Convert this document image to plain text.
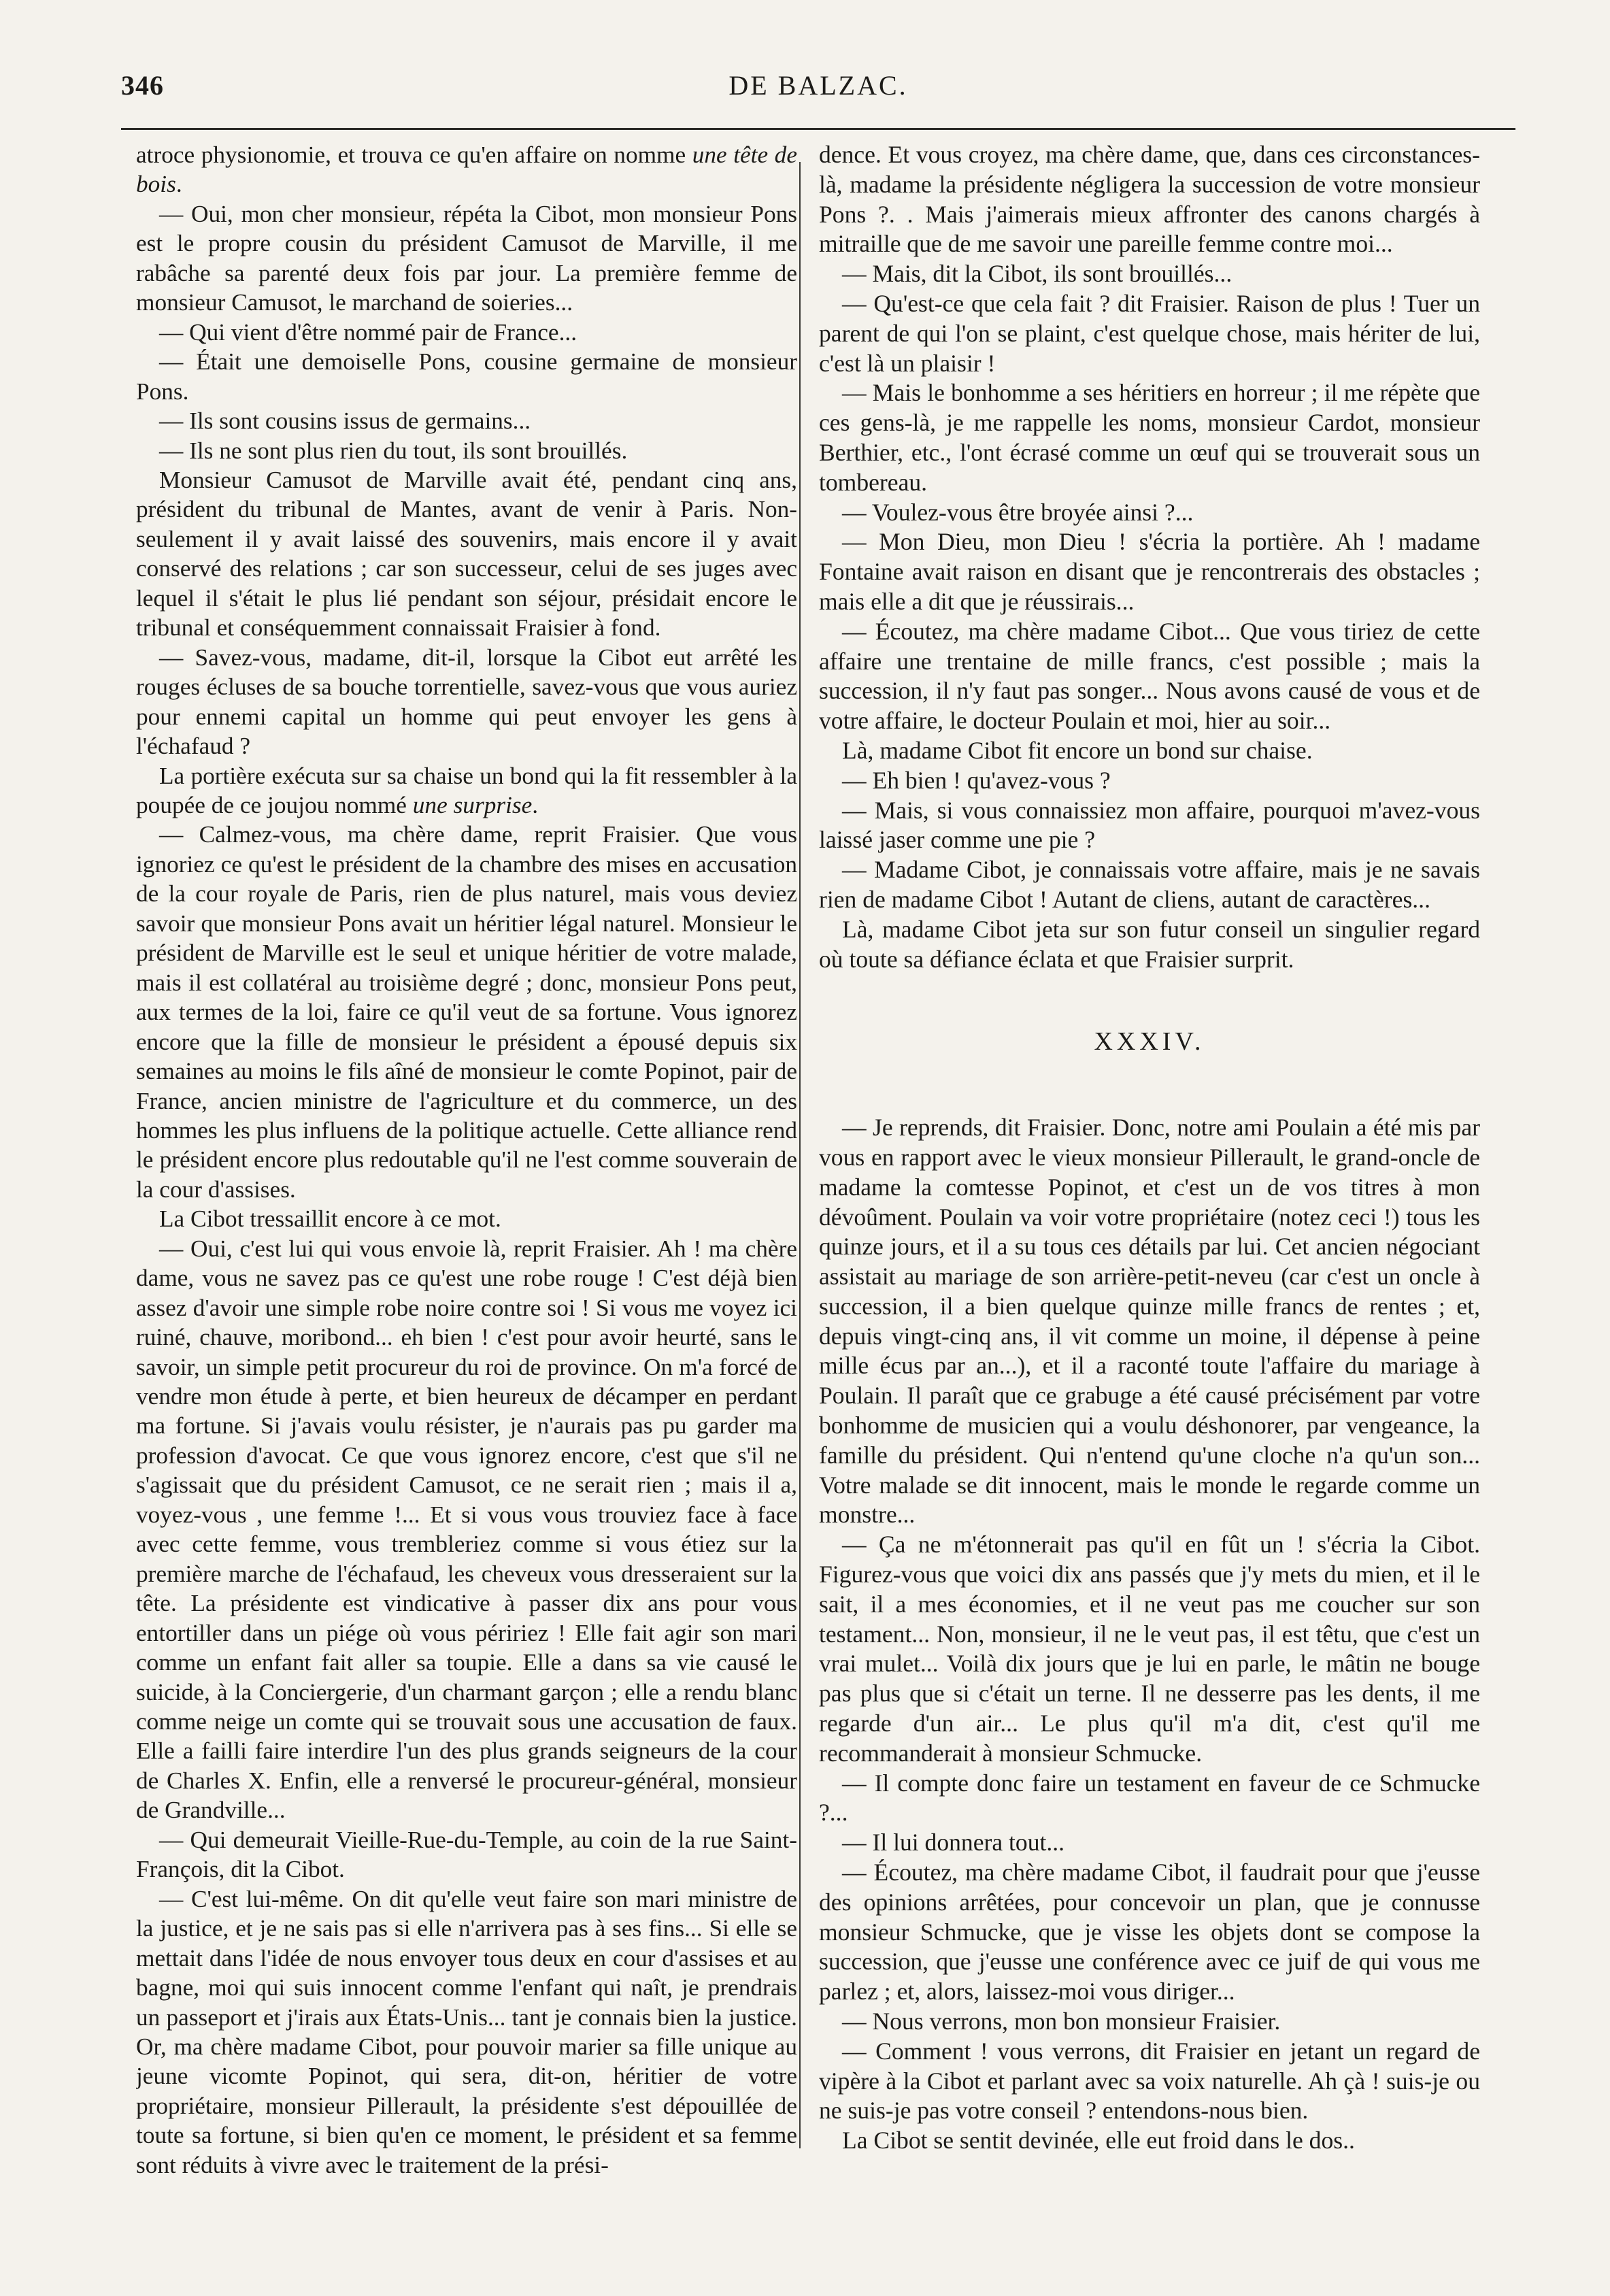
346	DE BALZAC.

atroce physionomie, et trouva ce qu'en affaire on nomme une tête de bois.

— Oui, mon cher monsieur, répéta la Cibot, mon monsieur Pons est le propre cousin du président Camusot de Marville, il me rabâche sa parenté deux fois par jour. La première femme de monsieur Camusot, le marchand de soieries...

— Qui vient d'être nommé pair de France...

— Était une demoiselle Pons, cousine germaine de monsieur Pons.

— Ils sont cousins issus de germains...

— Ils ne sont plus rien du tout, ils sont brouillés.

Monsieur Camusot de Marville avait été, pendant cinq ans, président du tribunal de Mantes, avant de venir à Paris. Non-seulement il y avait laissé des souvenirs, mais encore il y avait conservé des relations ; car son successeur, celui de ses juges avec lequel il s'était le plus lié pendant son séjour, présidait encore le tribunal et conséquemment connaissait Fraisier à fond.

— Savez-vous, madame, dit-il, lorsque la Cibot eut arrêté les rouges écluses de sa bouche torrentielle, savez-vous que vous auriez pour ennemi capital un homme qui peut envoyer les gens à l'échafaud ?

La portière exécuta sur sa chaise un bond qui la fit ressembler à la poupée de ce joujou nommé une surprise.

— Calmez-vous, ma chère dame, reprit Fraisier. Que vous ignoriez ce qu'est le président de la chambre des mises en accusation de la cour royale de Paris, rien de plus naturel, mais vous deviez savoir que monsieur Pons avait un héritier légal naturel. Monsieur le président de Marville est le seul et unique héritier de votre malade, mais il est collatéral au troisième degré ; donc, monsieur Pons peut, aux termes de la loi, faire ce qu'il veut de sa fortune. Vous ignorez encore que la fille de monsieur le président a épousé depuis six semaines au moins le fils aîné de monsieur le comte Popinot, pair de France, ancien ministre de l'agriculture et du commerce, un des hommes les plus influens de la politique actuelle. Cette alliance rend le président encore plus redoutable qu'il ne l'est comme souverain de la cour d'assises.

La Cibot tressaillit encore à ce mot.

— Oui, c'est lui qui vous envoie là, reprit Fraisier. Ah ! ma chère dame, vous ne savez pas ce qu'est une robe rouge ! C'est déjà bien assez d'avoir une simple robe noire contre soi ! Si vous me voyez ici ruiné, chauve, moribond... eh bien ! c'est pour avoir heurté, sans le savoir, un simple petit procureur du roi de province. On m'a forcé de vendre mon étude à perte, et bien heureux de décamper en perdant ma fortune. Si j'avais voulu résister, je n'aurais pas pu garder ma profession d'avocat. Ce que vous ignorez encore, c'est que s'il ne s'agissait que du président Camusot, ce ne serait rien ; mais il a, voyez-vous , une femme !... Et si vous vous trouviez face à face avec cette femme, vous trembleriez comme si vous étiez sur la première marche de l'échafaud, les cheveux vous dresseraient sur la tête. La présidente est vindicative à passer dix ans pour vous entortiller dans un piége où vous péririez ! Elle fait agir son mari comme un enfant fait aller sa toupie. Elle a dans sa vie causé le suicide, à la Conciergerie, d'un charmant garçon ; elle a rendu blanc comme neige un comte qui se trouvait sous une accusation de faux. Elle a failli faire interdire l'un des plus grands seigneurs de la cour de Charles X. Enfin, elle a renversé le procureur-général, monsieur de Grandville...

— Qui demeurait Vieille-Rue-du-Temple, au coin de la rue Saint-François, dit la Cibot.

— C'est lui-même. On dit qu'elle veut faire son mari ministre de la justice, et je ne sais pas si elle n'arrivera pas à ses fins... Si elle se mettait dans l'idée de nous envoyer tous deux en cour d'assises et au bagne, moi qui suis innocent comme l'enfant qui naît, je prendrais un passeport et j'irais aux États-Unis... tant je connais bien la justice. Or, ma chère madame Cibot, pour pouvoir marier sa fille unique au jeune vicomte Popinot, qui sera, dit-on, héritier de votre propriétaire, monsieur Pillerault, la présidente s'est dépouillée de toute sa fortune, si bien qu'en ce moment, le président et sa femme sont réduits à vivre avec le traitement de la prési-

dence. Et vous croyez, ma chère dame, que, dans ces circonstances-là, madame la présidente négligera la succession de votre monsieur Pons ?. . Mais j'aimerais mieux affronter des canons chargés à mitraille que de me savoir une pareille femme contre moi...

— Mais, dit la Cibot, ils sont brouillés...

— Qu'est-ce que cela fait ? dit Fraisier. Raison de plus ! Tuer un parent de qui l'on se plaint, c'est quelque chose, mais hériter de lui, c'est là un plaisir !

— Mais le bonhomme a ses héritiers en horreur ; il me répète que ces gens-là, je me rappelle les noms, monsieur Cardot, monsieur Berthier, etc., l'ont écrasé comme un œuf qui se trouverait sous un tombereau.

— Voulez-vous être broyée ainsi ?...

— Mon Dieu, mon Dieu ! s'écria la portière. Ah ! madame Fontaine avait raison en disant que je rencontrerais des obstacles ; mais elle a dit que je réussirais...

— Écoutez, ma chère madame Cibot... Que vous tiriez de cette affaire une trentaine de mille francs, c'est possible ; mais la succession, il n'y faut pas songer... Nous avons causé de vous et de votre affaire, le docteur Poulain et moi, hier au soir...

Là, madame Cibot fit encore un bond sur chaise.

— Eh bien ! qu'avez-vous ?

— Mais, si vous connaissiez mon affaire, pourquoi m'avez-vous laissé jaser comme une pie ?

— Madame Cibot, je connaissais votre affaire, mais je ne savais rien de madame Cibot ! Autant de cliens, autant de caractères...

Là, madame Cibot jeta sur son futur conseil un singulier regard où toute sa défiance éclata et que Fraisier surprit.

XXXIV.

— Je reprends, dit Fraisier. Donc, notre ami Poulain a été mis par vous en rapport avec le vieux monsieur Pillerault, le grand-oncle de madame la comtesse Popinot, et c'est un de vos titres à mon dévoûment. Poulain va voir votre propriétaire (notez ceci !) tous les quinze jours, et il a su tous ces détails par lui. Cet ancien négociant assistait au mariage de son arrière-petit-neveu (car c'est un oncle à succession, il a bien quelque quinze mille francs de rentes ; et, depuis vingt-cinq ans, il vit comme un moine, il dépense à peine mille écus par an...), et il a raconté toute l'affaire du mariage à Poulain. Il paraît que ce grabuge a été causé précisément par votre bonhomme de musicien qui a voulu déshonorer, par vengeance, la famille du président. Qui n'entend qu'une cloche n'a qu'un son... Votre malade se dit innocent, mais le monde le regarde comme un monstre...

— Ça ne m'étonnerait pas qu'il en fût un ! s'écria la Cibot. Figurez-vous que voici dix ans passés que j'y mets du mien, et il le sait, il a mes économies, et il ne veut pas me coucher sur son testament... Non, monsieur, il ne le veut pas, il est têtu, que c'est un vrai mulet... Voilà dix jours que je lui en parle, le mâtin ne bouge pas plus que si c'était un terne. Il ne desserre pas les dents, il me regarde d'un air... Le plus qu'il m'a dit, c'est qu'il me recommanderait à monsieur Schmucke.

— Il compte donc faire un testament en faveur de ce Schmucke ?...

— Il lui donnera tout...

— Écoutez, ma chère madame Cibot, il faudrait pour que j'eusse des opinions arrêtées, pour concevoir un plan, que je connusse monsieur Schmucke, que je visse les objets dont se compose la succession, que j'eusse une conférence avec ce juif de qui vous me parlez ; et, alors, laissez-moi vous diriger...

— Nous verrons, mon bon monsieur Fraisier.

— Comment ! vous verrons, dit Fraisier en jetant un regard de vipère à la Cibot et parlant avec sa voix naturelle. Ah çà ! suis-je ou ne suis-je pas votre conseil ? entendons-nous bien.

La Cibot se sentit devinée, elle eut froid dans le dos..
